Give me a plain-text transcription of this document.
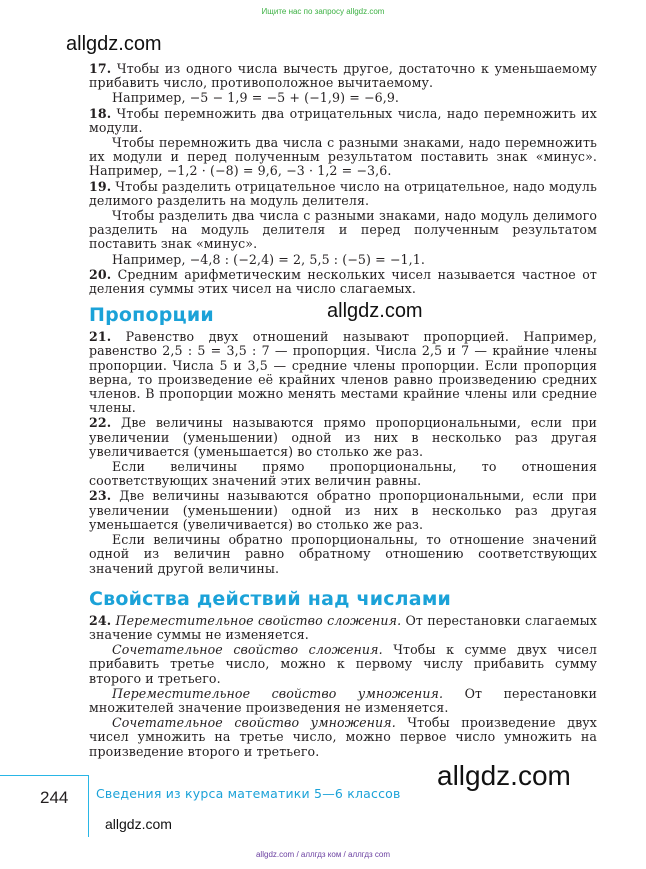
Ищите нас по запросу allgdz.com
allgdz.com
allgdz.com
allgdz.com
allgdz.com

17. Чтобы из одного числа вычесть другое, достаточно к уменьшаемому прибавить число, противоположное вычитаемому.

Например, −5 − 1,9 = −5 + (−1,9) = −6,9.

18. Чтобы перемножить два отрицательных числа, надо перемножить их модули.

Чтобы перемножить два числа с разными знаками, надо перемножить их модули и перед полученным результатом поставить знак «минус». Например, −1,2 · (−8) = 9,6, −3 · 1,2 = −3,6.

19. Чтобы разделить отрицательное число на отрицательное, надо модуль делимого разделить на модуль делителя.

Чтобы разделить два числа с разными знаками, надо модуль делимого разделить на модуль делителя и перед полученным результатом поставить знак «минус».

Например, −4,8 : (−2,4) = 2, 5,5 : (−5) = −1,1.

20. Средним арифметическим нескольких чисел называется частное от деления суммы этих чисел на число слагаемых.

Пропорции

21. Равенство двух отношений называют пропорцией. Например, равенство 2,5 : 5 = 3,5 : 7 — пропорция. Числа 2,5 и 7 — крайние члены пропорции. Числа 5 и 3,5 — средние члены пропорции. Если пропорция верна, то произведение её крайних членов равно произведению средних членов. В пропорции можно менять местами крайние члены или средние члены.

22. Две величины называются прямо пропорциональными, если при увеличении (уменьшении) одной из них в несколько раз другая увеличивается (уменьшается) во столько же раз.

Если величины прямо пропорциональны, то отношения соответствующих значений этих величин равны.

23. Две величины называются обратно пропорциональными, если при увеличении (уменьшении) одной из них в несколько раз другая уменьшается (увеличивается) во столько же раз.

Если величины обратно пропорциональны, то отношение значений одной из величин равно обратному отношению соответствующих значений другой величины.

Свойства действий над числами

24. Переместительное свойство сложения. От перестановки слагаемых значение суммы не изменяется.

Сочетательное свойство сложения. Чтобы к сумме двух чисел прибавить третье число, можно к первому числу прибавить сумму второго и третьего.

Переместительное свойство умножения. От перестановки множителей значение произведения не изменяется.

Сочетательное свойство умножения. Чтобы произведение двух чисел умножить на третье число, можно первое число умножить на произведение второго и третьего.

244 Сведения из курса математики 5—6 классов
allgdz.com / аллгдз ком / аллгдз com
